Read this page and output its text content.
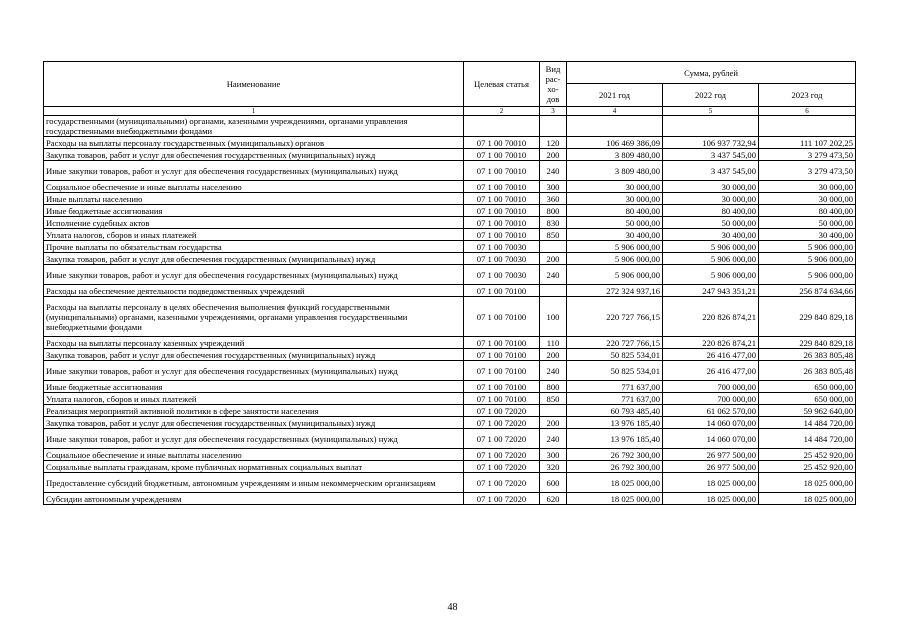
Наименование	Целевая статья	Вид рас-хо-дов	Сумма, рублей		
			2021 год	2022 год	2023 год
1	2	3	4	5	6
государственными (муниципальными) органами, казенными учреждениями, органами управления государственными внебюджетными фондами					
Расходы на выплаты персоналу государственных (муниципальных) органов	07 1 00 70010	120	106 469 386,09	106 937 732,94	111 107 202,25
Закупка товаров, работ и услуг для обеспечения государственных (муниципальных) нужд	07 1 00 70010	200	3 809 480,00	3 437 545,00	3 279 473,50
Иные закупки товаров, работ и услуг для обеспечения государственных (муниципальных) нужд	07 1 00 70010	240	3 809 480,00	3 437 545,00	3 279 473,50
Социальное обеспечение и иные выплаты населению	07 1 00 70010	300	30 000,00	30 000,00	30 000,00
Иные выплаты населению	07 1 00 70010	360	30 000,00	30 000,00	30 000,00
Иные бюджетные ассигнования	07 1 00 70010	800	80 400,00	80 400,00	80 400,00
Исполнение судебных актов	07 1 00 70010	830	50 000,00	50 000,00	50 000,00
Уплата налогов, сборов и иных платежей	07 1 00 70010	850	30 400,00	30 400,00	30 400,00
Прочие выплаты по обязательствам государства	07 1 00 70030		5 906 000,00	5 906 000,00	5 906 000,00
Закупка товаров, работ и услуг для обеспечения государственных (муниципальных) нужд	07 1 00 70030	200	5 906 000,00	5 906 000,00	5 906 000,00
Иные закупки товаров, работ и услуг для обеспечения государственных (муниципальных) нужд	07 1 00 70030	240	5 906 000,00	5 906 000,00	5 906 000,00
Расходы на обеспечение деятельности подведомственных учреждений	07 1 00 70100		272 324 937,16	247 943 351,21	256 874 634,66
Расходы на выплаты персоналу в целях обеспечения выполнения функций государственными (муниципальными) органами, казенными учреждениями, органами управления государственными внебюджетными фондами	07 1 00 70100	100	220 727 766,15	220 826 874,21	229 840 829,18
Расходы на выплаты персоналу казенных учреждений	07 1 00 70100	110	220 727 766,15	220 826 874,21	229 840 829,18
Закупка товаров, работ и услуг для обеспечения государственных (муниципальных) нужд	07 1 00 70100	200	50 825 534,01	26 416 477,00	26 383 805,48
Иные закупки товаров, работ и услуг для обеспечения государственных (муниципальных) нужд	07 1 00 70100	240	50 825 534,01	26 416 477,00	26 383 805,48
Иные бюджетные ассигнования	07 1 00 70100	800	771 637,00	700 000,00	650 000,00
Уплата налогов, сборов и иных платежей	07 1 00 70100	850	771 637,00	700 000,00	650 000,00
Реализация мероприятий активной политики в сфере занятости населения	07 1 00 72020		60 793 485,40	61 062 570,00	59 962 640,00
Закупка товаров, работ и услуг для обеспечения государственных (муниципальных) нужд	07 1 00 72020	200	13 976 185,40	14 060 070,00	14 484 720,00
Иные закупки товаров, работ и услуг для обеспечения государственных (муниципальных) нужд	07 1 00 72020	240	13 976 185,40	14 060 070,00	14 484 720,00
Социальное обеспечение и иные выплаты населению	07 1 00 72020	300	26 792 300,00	26 977 500,00	25 452 920,00
Социальные выплаты гражданам, кроме публичных нормативных социальных выплат	07 1 00 72020	320	26 792 300,00	26 977 500,00	25 452 920,00
Предоставление субсидий бюджетным, автономным учреждениям и иным некоммерческим организациям	07 1 00 72020	600	18 025 000,00	18 025 000,00	18 025 000,00
Субсидии автономным учреждениям	07 1 00 72020	620	18 025 000,00	18 025 000,00	18 025 000,00
48
